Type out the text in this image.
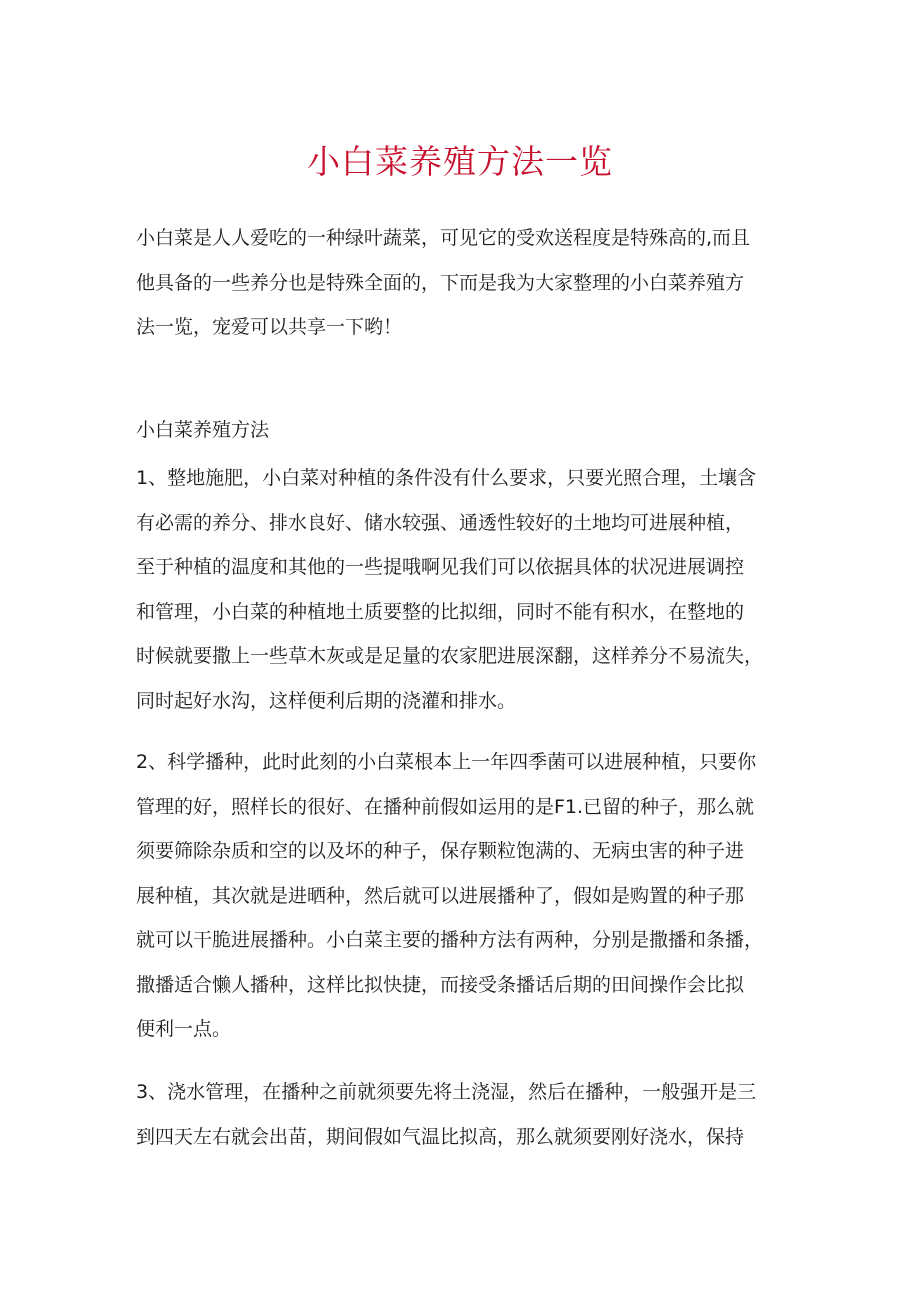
小白菜养殖方法一览
小白菜是人人爱吃的一种绿叶蔬菜，可见它的受欢送程度是特殊高的,而且
他具备的一些养分也是特殊全面的，下而是我为大家整理的小白菜养殖方
法一览，宠爱可以共享一下哟！
小白菜养殖方法
1、整地施肥，小白菜对种植的条件没有什么要求，只要光照合理，土壤含
有必需的养分、排水良好、储水较强、通透性较好的土地均可进展种植，
至于种植的温度和其他的一些提哦啊见我们可以依据具体的状况进展调控
和管理，小白菜的种植地土质要整的比拟细，同时不能有积水，在整地的
时候就要撒上一些草木灰或是足量的农家肥进展深翻，这样养分不易流失，
同时起好水沟，这样便利后期的浇灌和排水。
2、科学播种，此时此刻的小白菜根本上一年四季菌可以进展种植，只要你
管理的好，照样长的很好、在播种前假如运用的是F1.已留的种子，那么就
须要筛除杂质和空的以及坏的种子，保存颗粒饱满的、无病虫害的种子进
展种植，其次就是进晒种，然后就可以进展播种了，假如是购置的种子那
就可以干脆进展播种。小白菜主要的播种方法有两种，分别是撒播和条播，
撒播适合懒人播种，这样比拟快捷，而接受条播话后期的田间操作会比拟
便利一点。
3、浇水管理，在播种之前就须要先将土浇湿，然后在播种，一般强开是三
到四天左右就会出苗，期间假如气温比拟高，那么就须要刚好浇水，保持
